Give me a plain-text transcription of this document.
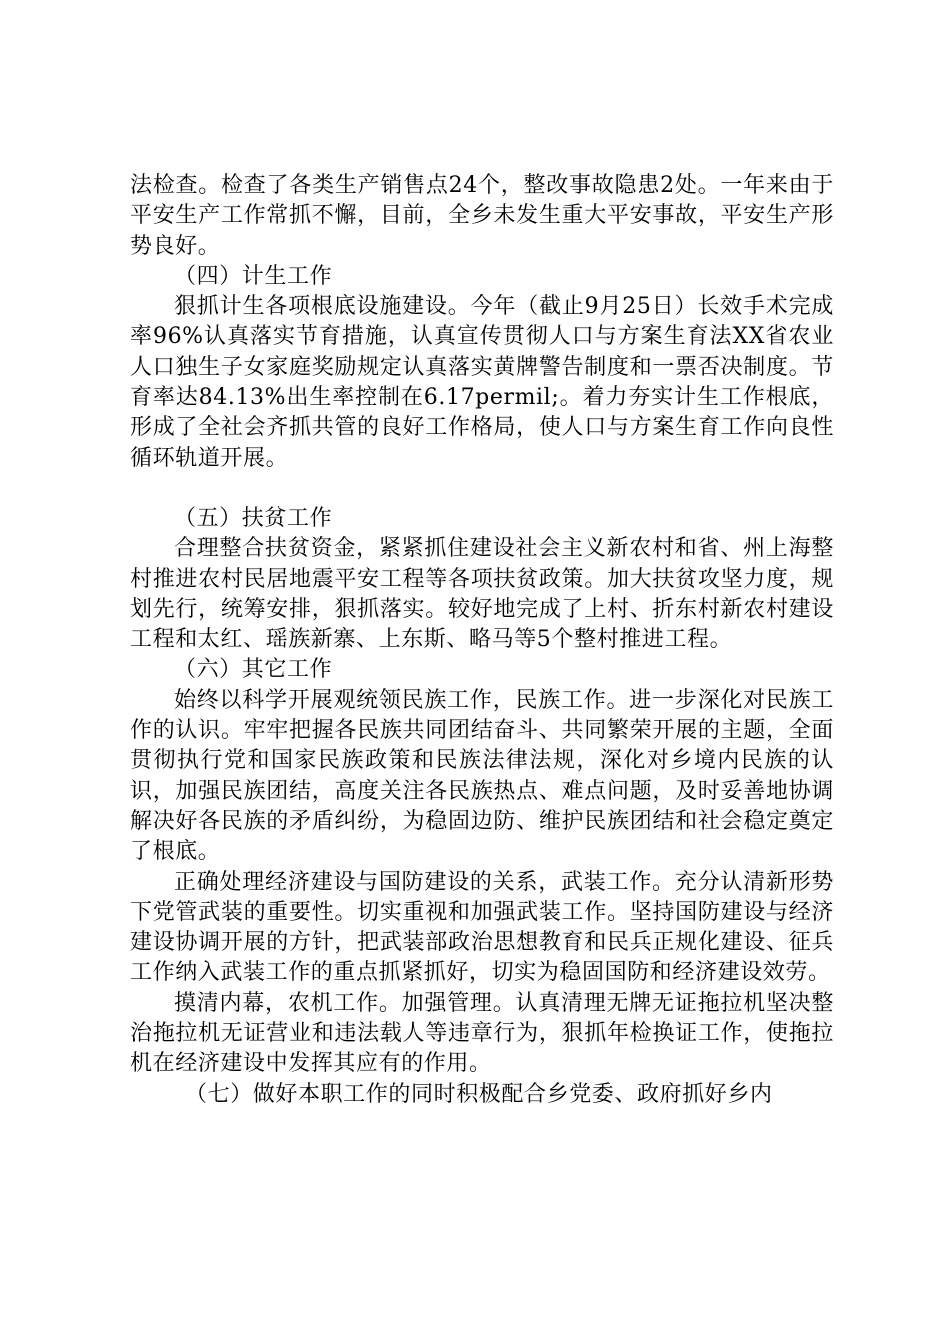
法检查。检查了各类生产销售点24个，整改事故隐患2处。一年来由于平安生产工作常抓不懈，目前，全乡未发生重大平安事故，平安生产形势良好。

（四）计生工作

狠抓计生各项根底设施建设。今年（截止9月25日）长效手术完成率96%认真落实节育措施，认真宣传贯彻人口与方案生育法XX省农业人口独生子女家庭奖励规定认真落实黄牌警告制度和一票否决制度。节育率达84.13%出生率控制在6.17permil;。着力夯实计生工作根底，形成了全社会齐抓共管的良好工作格局，使人口与方案生育工作向良性循环轨道开展。

（五）扶贫工作

合理整合扶贫资金，紧紧抓住建设社会主义新农村和省、州上海整村推进农村民居地震平安工程等各项扶贫政策。加大扶贫攻坚力度，规划先行，统筹安排，狠抓落实。较好地完成了上村、折东村新农村建设工程和太红、瑶族新寨、上东斯、略马等5个整村推进工程。

（六）其它工作

始终以科学开展观统领民族工作，民族工作。进一步深化对民族工作的认识。牢牢把握各民族共同团结奋斗、共同繁荣开展的主题，全面贯彻执行党和国家民族政策和民族法律法规，深化对乡境内民族的认识，加强民族团结，高度关注各民族热点、难点问题，及时妥善地协调解决好各民族的矛盾纠纷，为稳固边防、维护民族团结和社会稳定奠定了根底。

正确处理经济建设与国防建设的关系，武装工作。充分认清新形势下党管武装的重要性。切实重视和加强武装工作。坚持国防建设与经济建设协调开展的方针，把武装部政治思想教育和民兵正规化建设、征兵工作纳入武装工作的重点抓紧抓好，切实为稳固国防和经济建设效劳。

摸清内幕，农机工作。加强管理。认真清理无牌无证拖拉机坚决整治拖拉机无证营业和违法载人等违章行为，狠抓年检换证工作，使拖拉机在经济建设中发挥其应有的作用。

（七）做好本职工作的同时积极配合乡党委、政府抓好乡内
